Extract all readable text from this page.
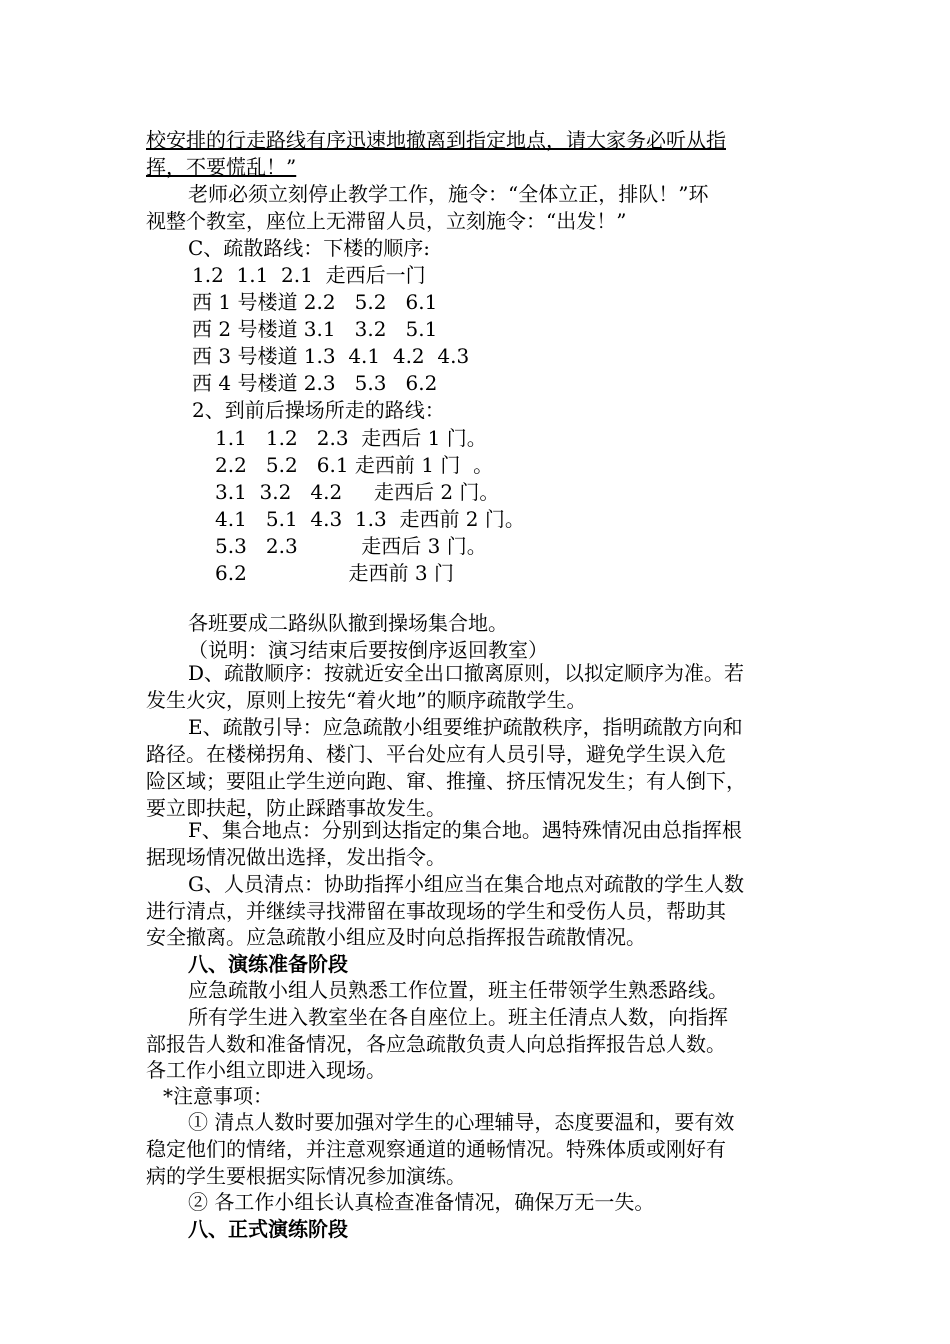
校安排的行走路线有序迅速地撤离到指定地点，请大家务必听从指
挥，不要慌乱！”
老师必须立刻停止教学工作，施令：“全体立正，排队！”环
视整个教室，座位上无滞留人员，立刻施令：“出发！”
C、疏散路线：下楼的顺序:
1.2  1.1  2.1  走西后一门
西 1 号楼道 2.2   5.2   6.1
西 2 号楼道 3.1   3.2   5.1
西 3 号楼道 1.3  4.1  4.2  4.3
西 4 号楼道 2.3   5.3   6.2
2、到前后操场所走的路线：
1.1   1.2   2.3  走西后 1 门。
2.2   5.2   6.1 走西前 1 门  。
3.1  3.2   4.2     走西后 2 门。
4.1   5.1  4.3  1.3  走西前 2 门。
5.3   2.3          走西后 3 门。
6.2                走西前 3 门
各班要成二路纵队撤到操场集合地。
（说明：演习结束后要按倒序返回教室）
D、疏散顺序：按就近安全出口撤离原则，以拟定顺序为准。若
发生火灾，原则上按先“着火地”的顺序疏散学生。
E、疏散引导：应急疏散小组要维护疏散秩序，指明疏散方向和
路径。在楼梯拐角、楼门、平台处应有人员引导，避免学生误入危
险区域；要阻止学生逆向跑、窜、推撞、挤压情况发生；有人倒下，
要立即扶起，防止踩踏事故发生。
F、集合地点：分别到达指定的集合地。遇特殊情况由总指挥根
据现场情况做出选择，发出指令。
G、人员清点：协助指挥小组应当在集合地点对疏散的学生人数
进行清点，并继续寻找滞留在事故现场的学生和受伤人员，帮助其
安全撤离。应急疏散小组应及时向总指挥报告疏散情况。
八、演练准备阶段
应急疏散小组人员熟悉工作位置，班主任带领学生熟悉路线。
所有学生进入教室坐在各自座位上。班主任清点人数，向指挥
部报告人数和准备情况，各应急疏散负责人向总指挥报告总人数。
各工作小组立即进入现场。
*注意事项：
① 清点人数时要加强对学生的心理辅导，态度要温和，要有效
稳定他们的情绪，并注意观察通道的通畅情况。特殊体质或刚好有
病的学生要根据实际情况参加演练。
② 各工作小组长认真检查准备情况，确保万无一失。
八、正式演练阶段
